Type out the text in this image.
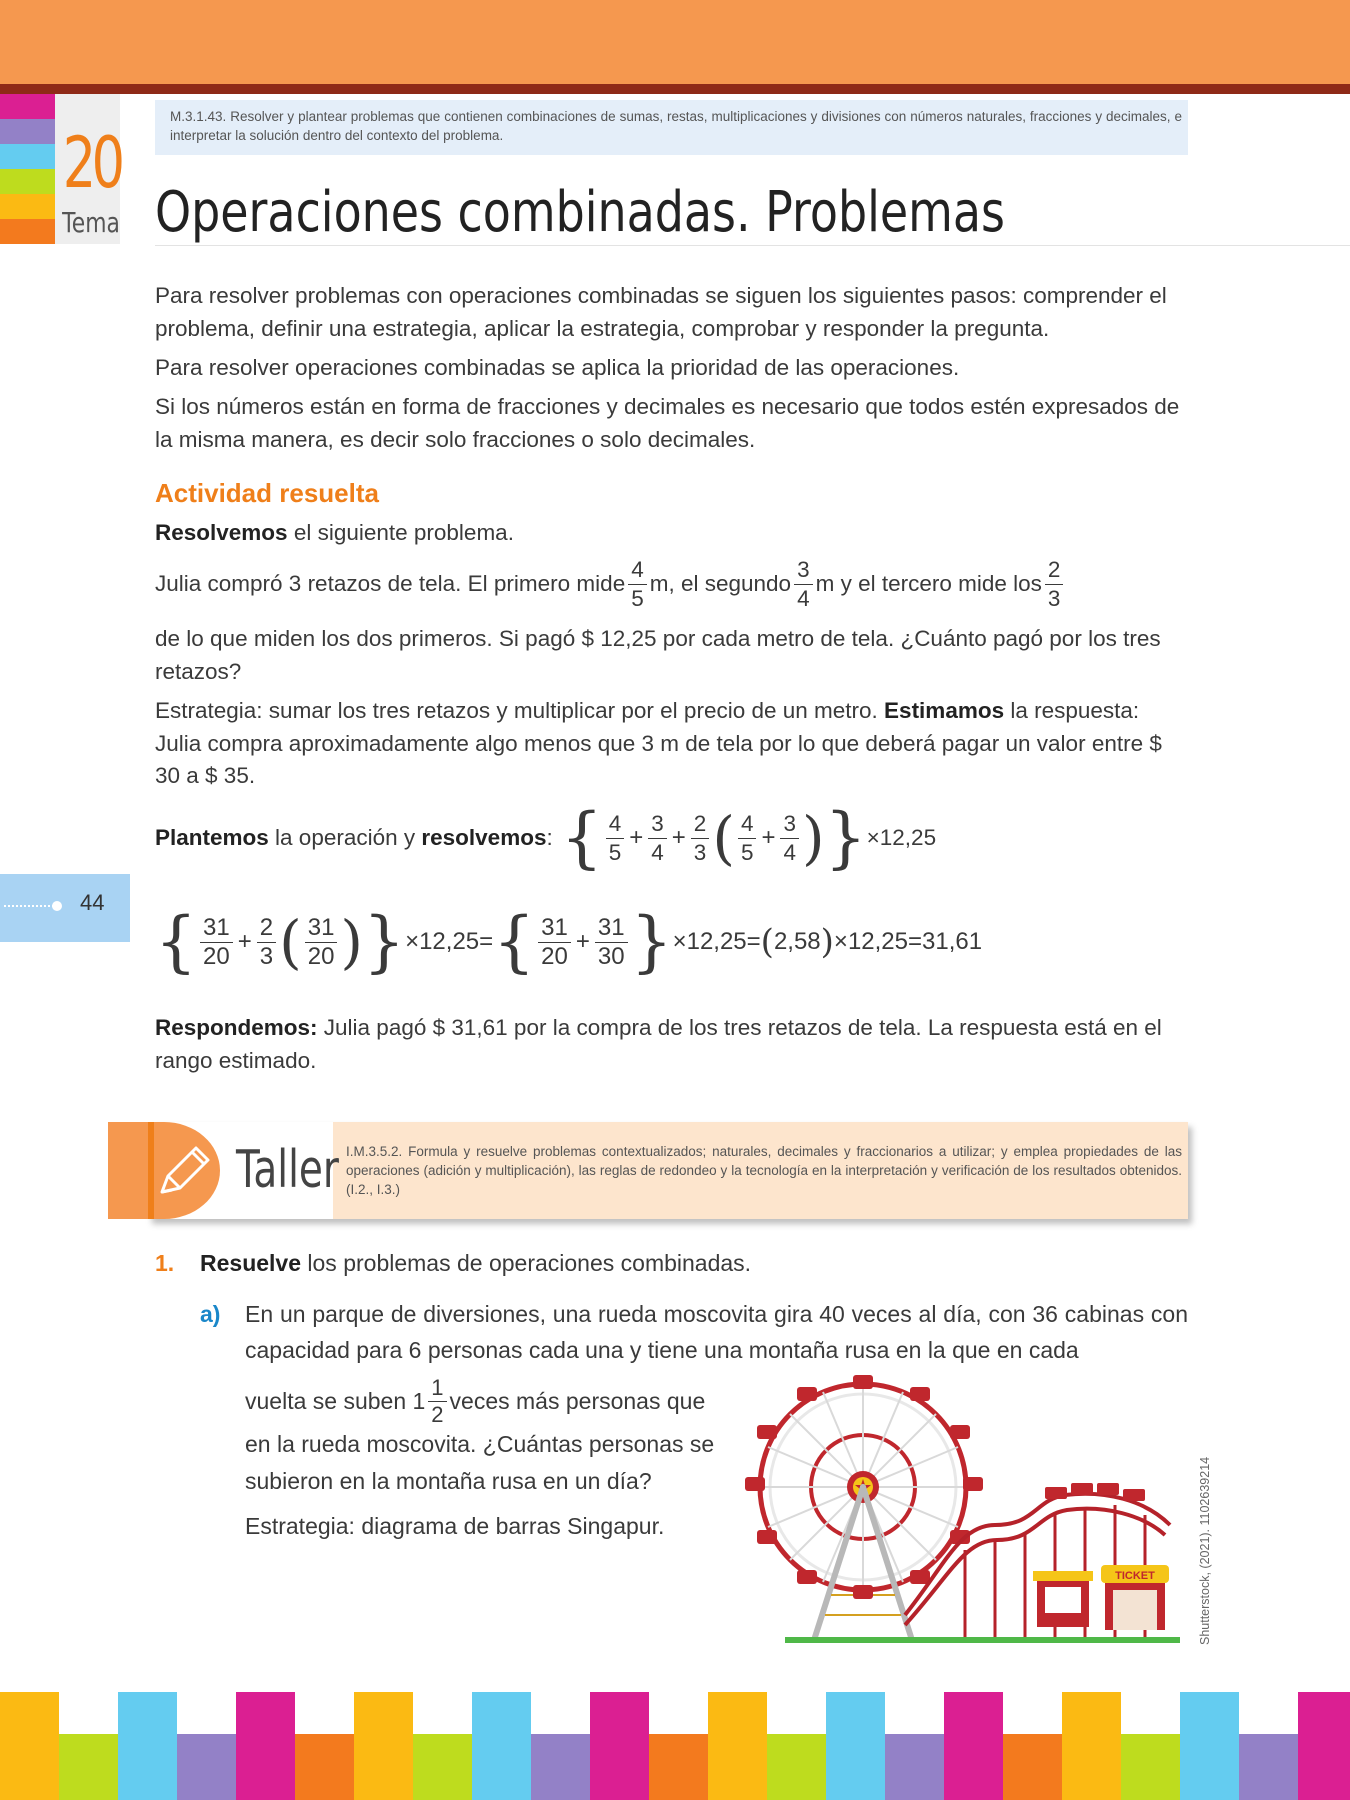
20
Tema
M.3.1.43. Resolver y plantear problemas que contienen combinaciones de sumas, restas, multiplicaciones y divisiones con números naturales, fracciones y decimales, e interpretar la solución dentro del contexto del problema.
Operaciones combinadas. Problemas
Para resolver problemas con operaciones combinadas se siguen los siguientes pasos: comprender el problema, definir una estrategia, aplicar la estrategia, comprobar y responder la pregunta.
Para resolver operaciones combinadas se aplica la prioridad de las operaciones.
Si los números están en forma de fracciones y decimales es necesario que todos estén expresados de la misma manera, es decir solo fracciones o solo decimales.
Actividad resuelta
Resolvemos el siguiente problema.
Julia compró 3 retazos de tela. El primero mide $\frac{4}{5} m$, el segundo $\frac{3}{4}$ m y el tercero mide los $\frac{2}{3}$
de lo que miden los dos primeros. Si pagó $ 12,25 por cada metro de tela. ¿Cuánto pagó por los tres retazos?
Estrategia: sumar los tres retazos y multiplicar por el precio de un metro. Estimamos la respuesta: Julia compra aproximadamente algo menos que 3 m de tela por lo que deberá pagar un valor entre $ 30 a $ 35.
Plantemos la operación y resolvemos : { $\frac{4}{5} + \frac{3}{4} + \frac{2}{3}$ ( $\frac{4}{5} + \frac{3}{4}$ ) } ×12,25
44
{ $\frac{31}{20} + \frac{2}{3}$ ( $\frac{31}{20}$ ) } ×12,25= { $\frac{31}{20} + \frac{31}{30}$ } ×12,25= ( 2,58 ) ×12,25=31,61
Respondemos: Julia pagó $ 31,61 por la compra de los tres retazos de tela. La respuesta está en el rango estimado.
Taller I.M.3.5.2. Formula y resuelve problemas contextualizados; naturales, decimales y fraccionarios a utilizar; y emplea propiedades de las operaciones (adición y multiplicación), las reglas de redondeo y la tecnología en la interpretación y verificación de los resultados obtenidos. (I.2., I.3.)
1. Resuelve los problemas de operaciones combinadas.
a) En un parque de diversiones, una rueda moscovita gira 40 veces al día, con 36 cabinas con capacidad para 6 personas cada una y tiene una montaña rusa en la que en cada
vuelta se suben $1 \frac{1}{2}$ veces más personas que
en la rueda moscovita. ¿Cuántas personas se
subieron en la montaña rusa en un día?
Estrategia: diagrama de barras Singapur.
TICKET	Shutterstock, (2021). 1102639214
